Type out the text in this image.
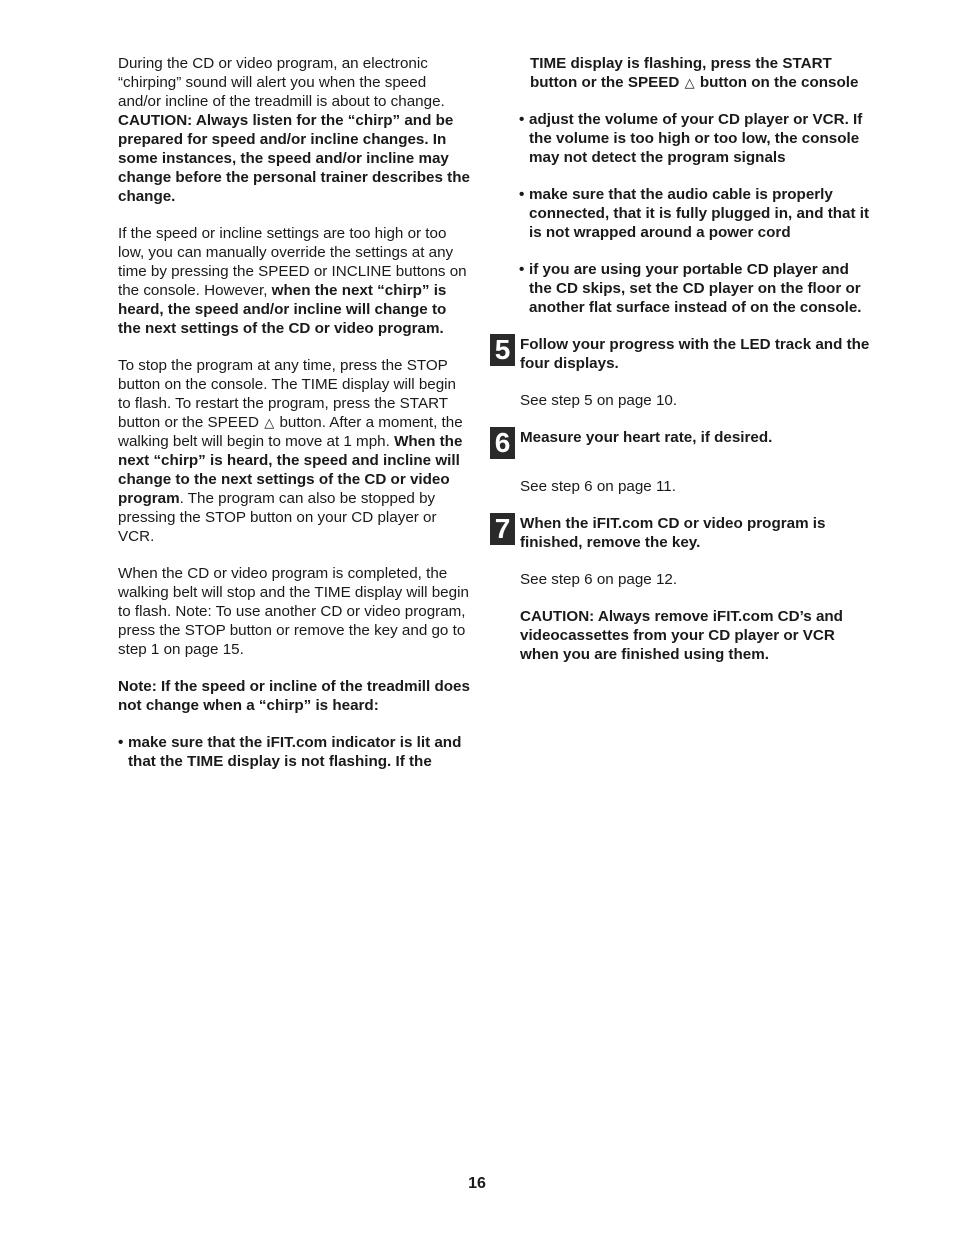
During the CD or video program, an electronic “chirping” sound will alert you when the speed and/or incline of the treadmill is about to change. CAUTION: Always listen for the “chirp” and be prepared for speed and/or incline changes. In some instances, the speed and/or incline may change before the personal trainer describes the change.

If the speed or incline settings are too high or too low, you can manually override the settings at any time by pressing the SPEED or INCLINE buttons on the console. However, when the next “chirp” is heard, the speed and/or incline will change to the next settings of the CD or video program.

To stop the program at any time, press the STOP button on the console. The TIME display will begin to flash. To restart the program, press the START button or the SPEED △ button. After a moment, the walking belt will begin to move at 1 mph. When the next “chirp” is heard, the speed and incline will change to the next settings of the CD or video program. The program can also be stopped by pressing the STOP button on your CD player or VCR.

When the CD or video program is completed, the walking belt will stop and the TIME display will begin to flash. Note: To use another CD or video program, press the STOP button or remove the key and go to step 1 on page 15.

Note: If the speed or incline of the treadmill does not change when a “chirp” is heard:

• make sure that the iFIT.com indicator is lit and that the TIME display is not flashing. If the
TIME display is flashing, press the START button or the SPEED △ button on the console
• adjust the volume of your CD player or VCR. If the volume is too high or too low, the console may not detect the program signals
• make sure that the audio cable is properly connected, that it is fully plugged in, and that it is not wrapped around a power cord
• if you are using your portable CD player and the CD skips, set the CD player on the floor or another flat surface instead of on the console.
5 Follow your progress with the LED track and the four displays.

See step 5 on page 10.

6 Measure your heart rate, if desired.

See step 6 on page 11.

7 When the iFIT.com CD or video program is finished, remove the key.

See step 6 on page 12.

CAUTION: Always remove iFIT.com CD’s and videocassettes from your CD player or VCR when you are finished using them.

16
